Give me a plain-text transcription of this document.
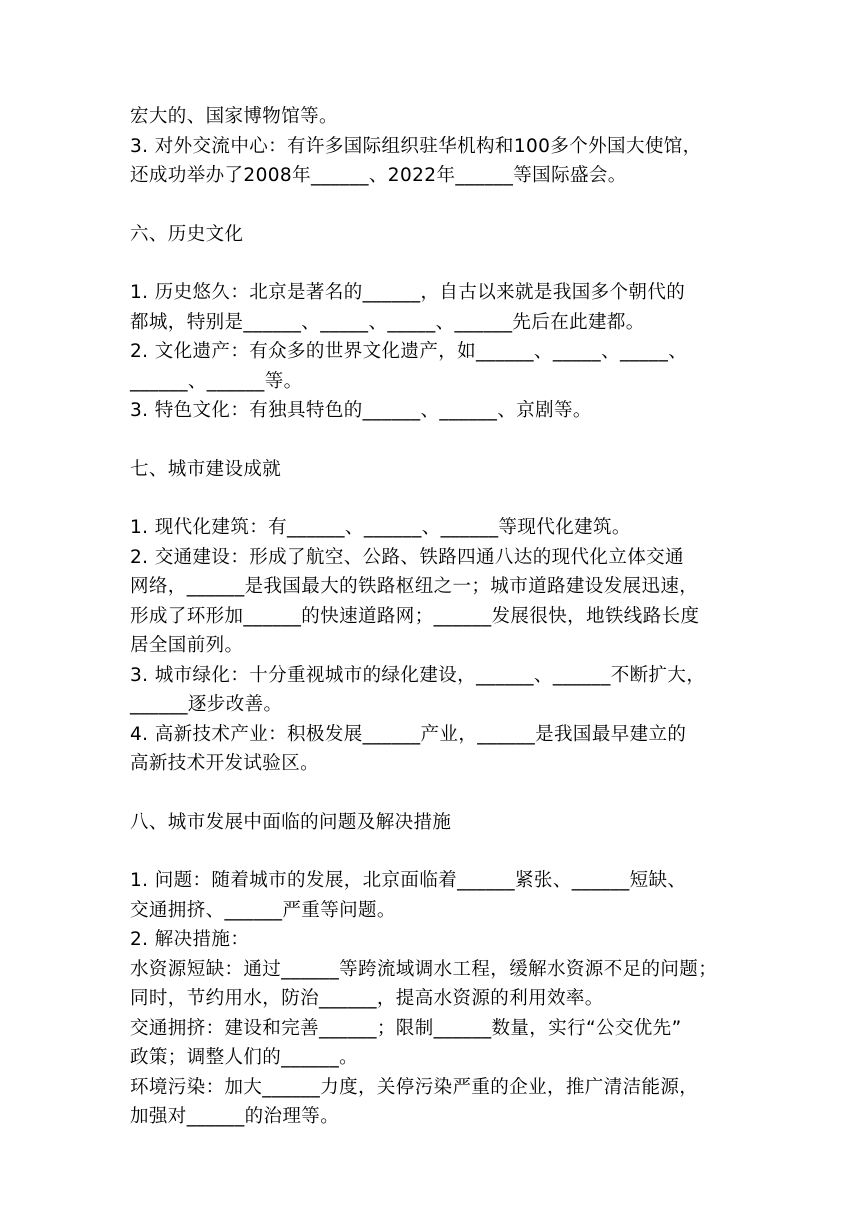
宏大的、国家博物馆等。
3. 对外交流中心：有许多国际组织驻华机构和100多个外国大使馆，
还成功举办了2008年______、2022年______等国际盛会。
六、历史文化
1. 历史悠久：北京是著名的______，自古以来就是我国多个朝代的
都城，特别是______、_____、_____、______先后在此建都。
2. 文化遗产：有众多的世界文化遗产，如______、_____、_____、
______、______等。
3. 特色文化：有独具特色的______、______、京剧等。
七、城市建设成就
1. 现代化建筑：有______、______、______等现代化建筑。
2. 交通建设：形成了航空、公路、铁路四通八达的现代化立体交通
网络，______是我国最大的铁路枢纽之一；城市道路建设发展迅速，
形成了环形加______的快速道路网；______发展很快，地铁线路长度
居全国前列。
3. 城市绿化：十分重视城市的绿化建设，______、______不断扩大，
______逐步改善。
4. 高新技术产业：积极发展______产业，______是我国最早建立的
高新技术开发试验区。
八、城市发展中面临的问题及解决措施
1. 问题：随着城市的发展，北京面临着______紧张、______短缺、
交通拥挤、______严重等问题。
2. 解决措施：
水资源短缺：通过______等跨流域调水工程，缓解水资源不足的问题；
同时，节约用水，防治______，提高水资源的利用效率。
交通拥挤：建设和完善______；限制______数量，实行“公交优先”
政策；调整人们的______。
环境污染：加大______力度，关停污染严重的企业，推广清洁能源，
加强对______的治理等。
